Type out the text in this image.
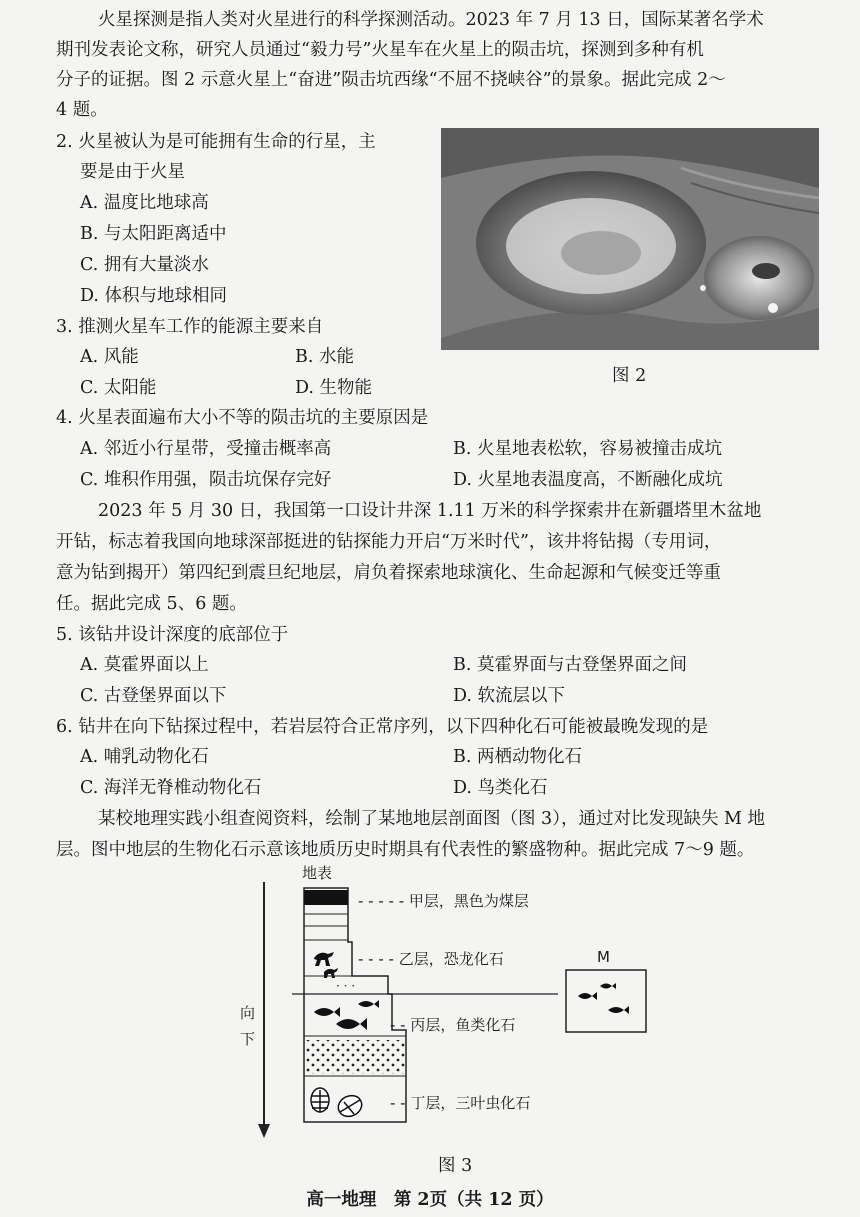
火星探测是指人类对火星进行的科学探测活动。2023 年 7 月 13 日，国际某著名学术
期刊发表论文称，研究人员通过“毅力号”火星车在火星上的陨击坑，探测到多种有机
分子的证据。图 2 示意火星上“奋进”陨击坑西缘“不屈不挠峡谷”的景象。据此完成 2～
4 题。
2. 火星被认为是可能拥有生命的行星，主
要是由于火星
A. 温度比地球高
B. 与太阳距离适中
C. 拥有大量淡水
D. 体积与地球相同
3. 推测火星车工作的能源主要来自
A. 风能	B. 水能
C. 太阳能	D. 生物能
图 2
4. 火星表面遍布大小不等的陨击坑的主要原因是
A. 邻近小行星带，受撞击概率高	B. 火星地表松软，容易被撞击成坑
C. 堆积作用强，陨击坑保存完好	D. 火星地表温度高，不断融化成坑
2023 年 5 月 30 日，我国第一口设计井深 1.11 万米的科学探索井在新疆塔里木盆地
开钻，标志着我国向地球深部挺进的钻探能力开启“万米时代”，该井将钻揭（专用词，
意为钻到揭开）第四纪到震旦纪地层，肩负着探索地球演化、生命起源和气候变迁等重
任。据此完成 5、6 题。
5. 该钻井设计深度的底部位于
A. 莫霍界面以上	B. 莫霍界面与古登堡界面之间
C. 古登堡界面以下	D. 软流层以下
6. 钻井在向下钻探过程中，若岩层符合正常序列，以下四种化石可能被最晚发现的是
A. 哺乳动物化石	B. 两栖动物化石
C. 海洋无脊椎动物化石	D. 鸟类化石
某校地理实践小组查阅资料，绘制了某地地层剖面图（图 3），通过对比发现缺失 M 地
层。图中地层的生物化石示意该地质历史时期具有代表性的繁盛物种。据此完成 7～9 题。
· · ·
地表
向
下
- - - - - 甲层，黑色为煤层
- - - - 乙层，恐龙化石
- - 丙层，鱼类化石
- - 丁层，三叶虫化石
M
图 3
高一地理　第 2页（共 12 页）
